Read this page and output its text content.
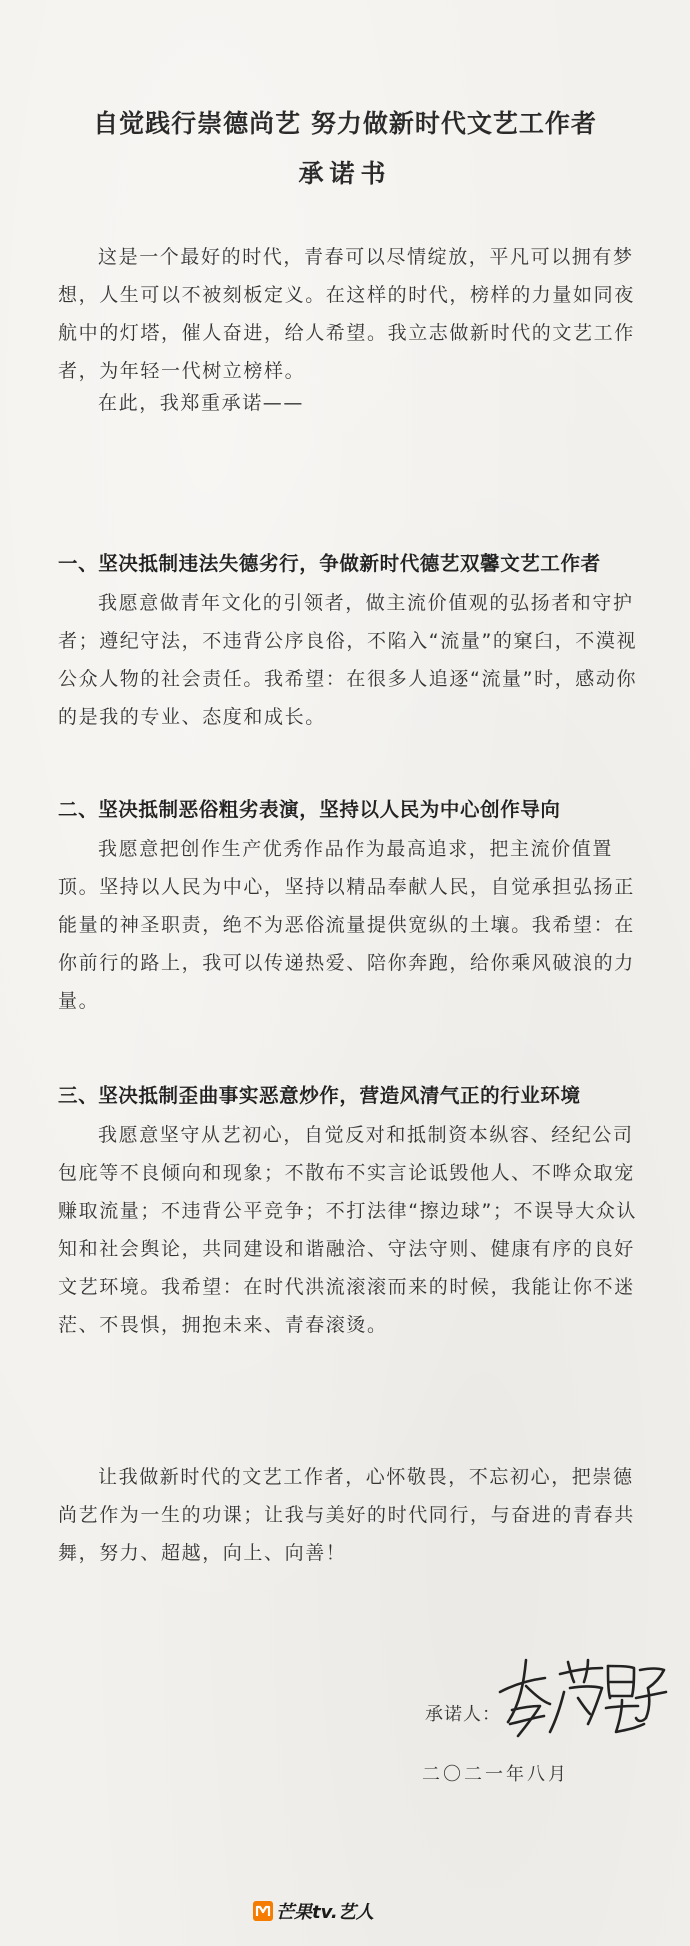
自觉践行崇德尚艺 努力做新时代文艺工作者
承诺书

这是一个最好的时代，青春可以尽情绽放，平凡可以拥有梦想，人生可以不被刻板定义。在这样的时代，榜样的力量如同夜航中的灯塔，催人奋进，给人希望。我立志做新时代的文艺工作者，为年轻一代树立榜样。

在此，我郑重承诺——

一、坚决抵制违法失德劣行，争做新时代德艺双馨文艺工作者

我愿意做青年文化的引领者，做主流价值观的弘扬者和守护者；遵纪守法，不违背公序良俗，不陷入“流量”的窠臼，不漠视公众人物的社会责任。我希望：在很多人追逐“流量”时，感动你的是我的专业、态度和成长。

二、坚决抵制恶俗粗劣表演，坚持以人民为中心创作导向

我愿意把创作生产优秀作品作为最高追求，把主流价值置顶。坚持以人民为中心，坚持以精品奉献人民，自觉承担弘扬正能量的神圣职责，绝不为恶俗流量提供宽纵的土壤。我希望：在你前行的路上，我可以传递热爱、陪你奔跑，给你乘风破浪的力量。

三、坚决抵制歪曲事实恶意炒作，营造风清气正的行业环境

我愿意坚守从艺初心，自觉反对和抵制资本纵容、经纪公司包庇等不良倾向和现象；不散布不实言论诋毁他人、不哗众取宠赚取流量；不违背公平竞争；不打法律“擦边球”；不误导大众认知和社会舆论，共同建设和谐融洽、守法守则、健康有序的良好文艺环境。我希望：在时代洪流滚滚而来的时候，我能让你不迷茫、不畏惧，拥抱未来、青春滚烫。

让我做新时代的文艺工作者，心怀敬畏，不忘初心，把崇德尚艺作为一生的功课；让我与美好的时代同行，与奋进的青春共舞，努力、超越，向上、向善！

承诺人：
二〇二一年八月
芒果tv.艺人
